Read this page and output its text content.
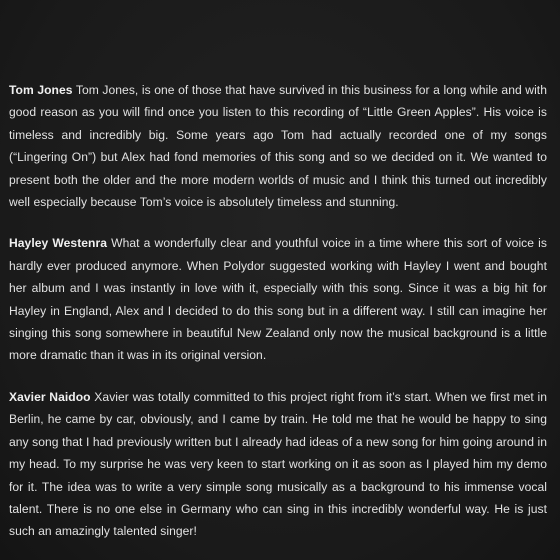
Tom Jones Tom Jones, is one of those that have survived in this business for a long while and with good reason as you will find once you listen to this recording of “Little Green Apples”. His voice is timeless and incredibly big. Some years ago Tom had actually recorded one of my songs (“Lingering On”) but Alex had fond memories of this song and so we decided on it. We wanted to present both the older and the more modern worlds of music and I think this turned out incredibly well especially because Tom’s voice is absolutely timeless and stunning.

Hayley Westenra What a wonderfully clear and youthful voice in a time where this sort of voice is hardly ever produced anymore. When Polydor suggested working with Hayley I went and bought her album and I was instantly in love with it, especially with this song. Since it was a big hit for Hayley in England, Alex and I decided to do this song but in a different way. I still can imagine her singing this song somewhere in beautiful New Zealand only now the musical background is a little more dramatic than it was in its original version.

Xavier Naidoo Xavier was totally committed to this project right from it’s start. When we first met in Berlin, he came by car, obviously, and I came by train. He told me that he would be happy to sing any song that I had previously written but I already had ideas of a new song for him going around in my head. To my surprise he was very keen to start working on it as soon as I played him my demo for it. The idea was to write a very simple song musically as a background to his immense vocal talent. There is no one else in Germany who can sing in this incredibly wonderful way. He is just such an amazingly talented singer!
